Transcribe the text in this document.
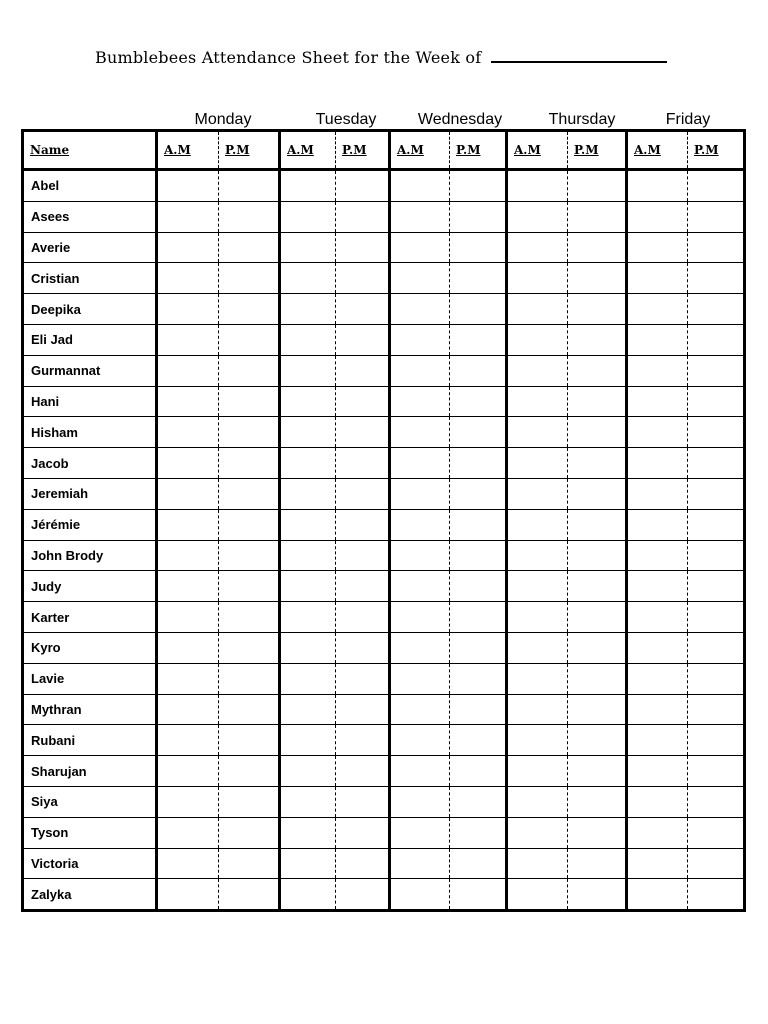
Bumblebees Attendance Sheet for the Week of
Monday	Tuesday	Wednesday	Thursday	Friday
Name	A.M	P.M	A.M	P.M	A.M	P.M	A.M	P.M	A.M	P.M
Abel										
Asees										
Averie										
Cristian										
Deepika										
Eli Jad										
Gurmannat										
Hani										
Hisham										
Jacob										
Jeremiah										
Jérémie										
John Brody										
Judy										
Karter										
Kyro										
Lavie										
Mythran										
Rubani										
Sharujan										
Siya										
Tyson										
Victoria										
Zalyka										
